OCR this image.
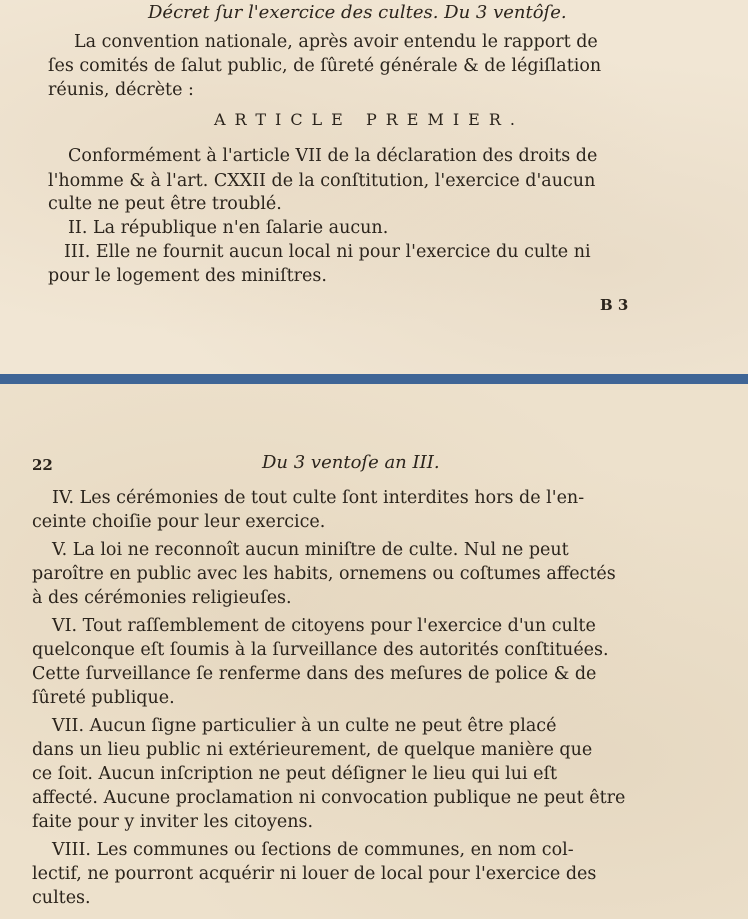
Décret ſur l'exercice des cultes. Du 3 ventôſe.
La convention nationale, après avoir entendu le rapport de
ſes comités de ſalut public, de ſûreté générale & de légiſlation
réunis, décrète :
ARTICLE PREMIER.
Conformément à l'article VII de la déclaration des droits de
l'homme & à l'art. CXXII de la conſtitution, l'exercice d'aucun
culte ne peut être troublé.
II. La république n'en ſalarie aucun.
III. Elle ne fournit aucun local ni pour l'exercice du culte ni
pour le logement des miniſtres.
B 3
22	Du 3 ventoſe an III.
IV. Les cérémonies de tout culte ſont interdites hors de l'en-
ceinte choiſie pour leur exercice.
V. La loi ne reconnoît aucun miniſtre de culte. Nul ne peut
paroître en public avec les habits, ornemens ou coſtumes affectés
à des cérémonies religieuſes.
VI. Tout raſſemblement de citoyens pour l'exercice d'un culte
quelconque eſt ſoumis à la ſurveillance des autorités conſtituées.
Cette ſurveillance ſe renferme dans des meſures de police & de
ſûreté publique.
VII. Aucun ſigne particulier à un culte ne peut être placé
dans un lieu public ni extérieurement, de quelque manière que
ce ſoit. Aucun inſcription ne peut déſigner le lieu qui lui eſt
affecté. Aucune proclamation ni convocation publique ne peut être
faite pour y inviter les citoyens.
VIII. Les communes ou ſections de communes, en nom col-
lectif, ne pourront acquérir ni louer de local pour l'exercice des
cultes.
